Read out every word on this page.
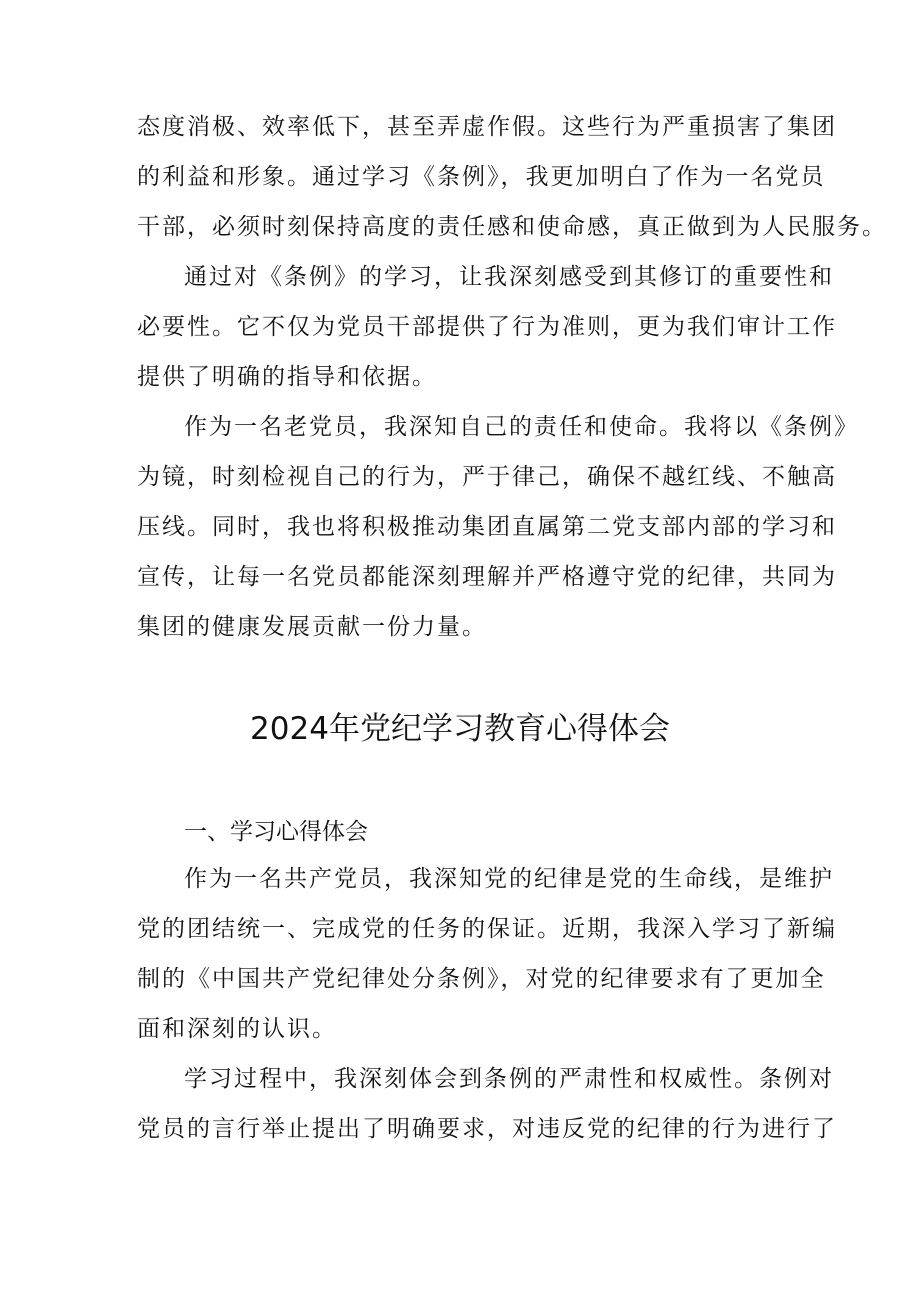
态度消极、效率低下，甚至弄虚作假。这些行为严重损害了集团
的利益和形象。通过学习《条例》，我更加明白了作为一名党员
干部，必须时刻保持高度的责任感和使命感，真正做到为人民服务。
通过对《条例》的学习，让我深刻感受到其修订的重要性和
必要性。它不仅为党员干部提供了行为准则，更为我们审计工作
提供了明确的指导和依据。
作为一名老党员，我深知自己的责任和使命。我将以《条例》
为镜，时刻检视自己的行为，严于律己，确保不越红线、不触高
压线。同时，我也将积极推动集团直属第二党支部内部的学习和
宣传，让每一名党员都能深刻理解并严格遵守党的纪律，共同为
集团的健康发展贡献一份力量。
2024年党纪学习教育心得体会
一、学习心得体会
作为一名共产党员，我深知党的纪律是党的生命线，是维护
党的团结统一、完成党的任务的保证。近期，我深入学习了新编
制的《中国共产党纪律处分条例》，对党的纪律要求有了更加全
面和深刻的认识。
学习过程中，我深刻体会到条例的严肃性和权威性。条例对
党员的言行举止提出了明确要求，对违反党的纪律的行为进行了
